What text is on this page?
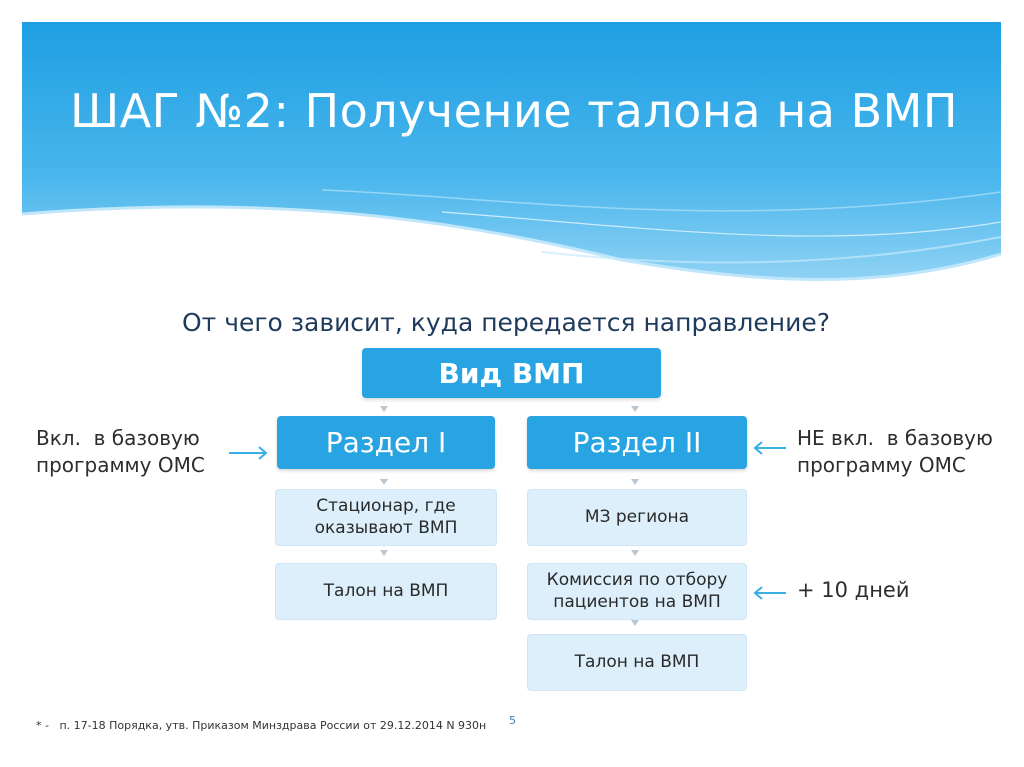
ШАГ №2: Получение талона на ВМП
От чего зависит, куда передается направление?
Вид ВМП
Раздел I	Раздел II
Стационар, где оказывают ВМП
Талон на ВМП
МЗ региона
Комиссия по отбору пациентов на ВМП
Талон на ВМП
Вкл.  в базовую
программу ОМС
НЕ вкл.  в базовую
программу ОМС
+ 10 дней
* -   п. 17-18 Порядка, утв. Приказом Минздрава России от 29.12.2014 N 930н 5
